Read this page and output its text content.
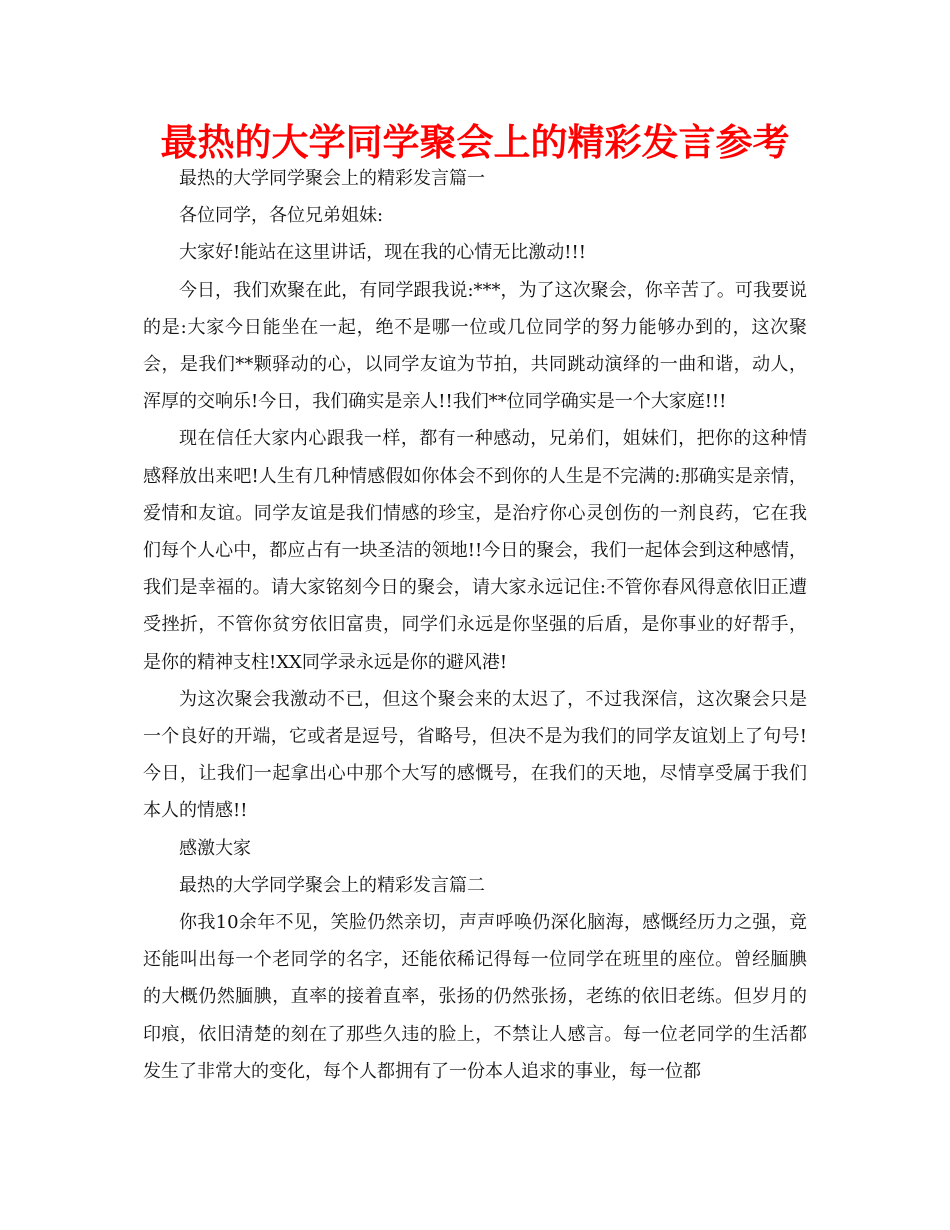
最热的大学同学聚会上的精彩发言参考

最热的大学同学聚会上的精彩发言篇一

各位同学，各位兄弟姐妹:

大家好!能站在这里讲话，现在我的心情无比激动!!!

今日，我们欢聚在此，有同学跟我说:***，为了这次聚会，你辛苦了。可我要说的是:大家今日能坐在一起，绝不是哪一位或几位同学的努力能够办到的，这次聚会，是我们**颗驿动的心，以同学友谊为节拍，共同跳动演绎的一曲和谐，动人，浑厚的交响乐!今日，我们确实是亲人!!我们**位同学确实是一个大家庭!!!

现在信任大家内心跟我一样，都有一种感动，兄弟们，姐妹们，把你的这种情感释放出来吧!人生有几种情感假如你体会不到你的人生是不完满的:那确实是亲情，爱情和友谊。同学友谊是我们情感的珍宝，是治疗你心灵创伤的一剂良药，它在我们每个人心中，都应占有一块圣洁的领地!!今日的聚会，我们一起体会到这种感情，我们是幸福的。请大家铭刻今日的聚会，请大家永远记住:不管你春风得意依旧正遭受挫折，不管你贫穷依旧富贵，同学们永远是你坚强的后盾，是你事业的好帮手，是你的精神支柱!XX同学录永远是你的避风港!

为这次聚会我激动不已，但这个聚会来的太迟了，不过我深信，这次聚会只是一个良好的开端，它或者是逗号，省略号，但决不是为我们的同学友谊划上了句号!今日，让我们一起拿出心中那个大写的感慨号，在我们的天地，尽情享受属于我们本人的情感!!

感激大家

最热的大学同学聚会上的精彩发言篇二

你我10余年不见，笑脸仍然亲切，声声呼唤仍深化脑海，感慨经历力之强，竟还能叫出每一个老同学的名字，还能依稀记得每一位同学在班里的座位。曾经腼腆的大概仍然腼腆，直率的接着直率，张扬的仍然张扬，老练的依旧老练。但岁月的印痕，依旧清楚的刻在了那些久违的脸上，不禁让人感言。每一位老同学的生活都发生了非常大的变化，每个人都拥有了一份本人追求的事业，每一位都
